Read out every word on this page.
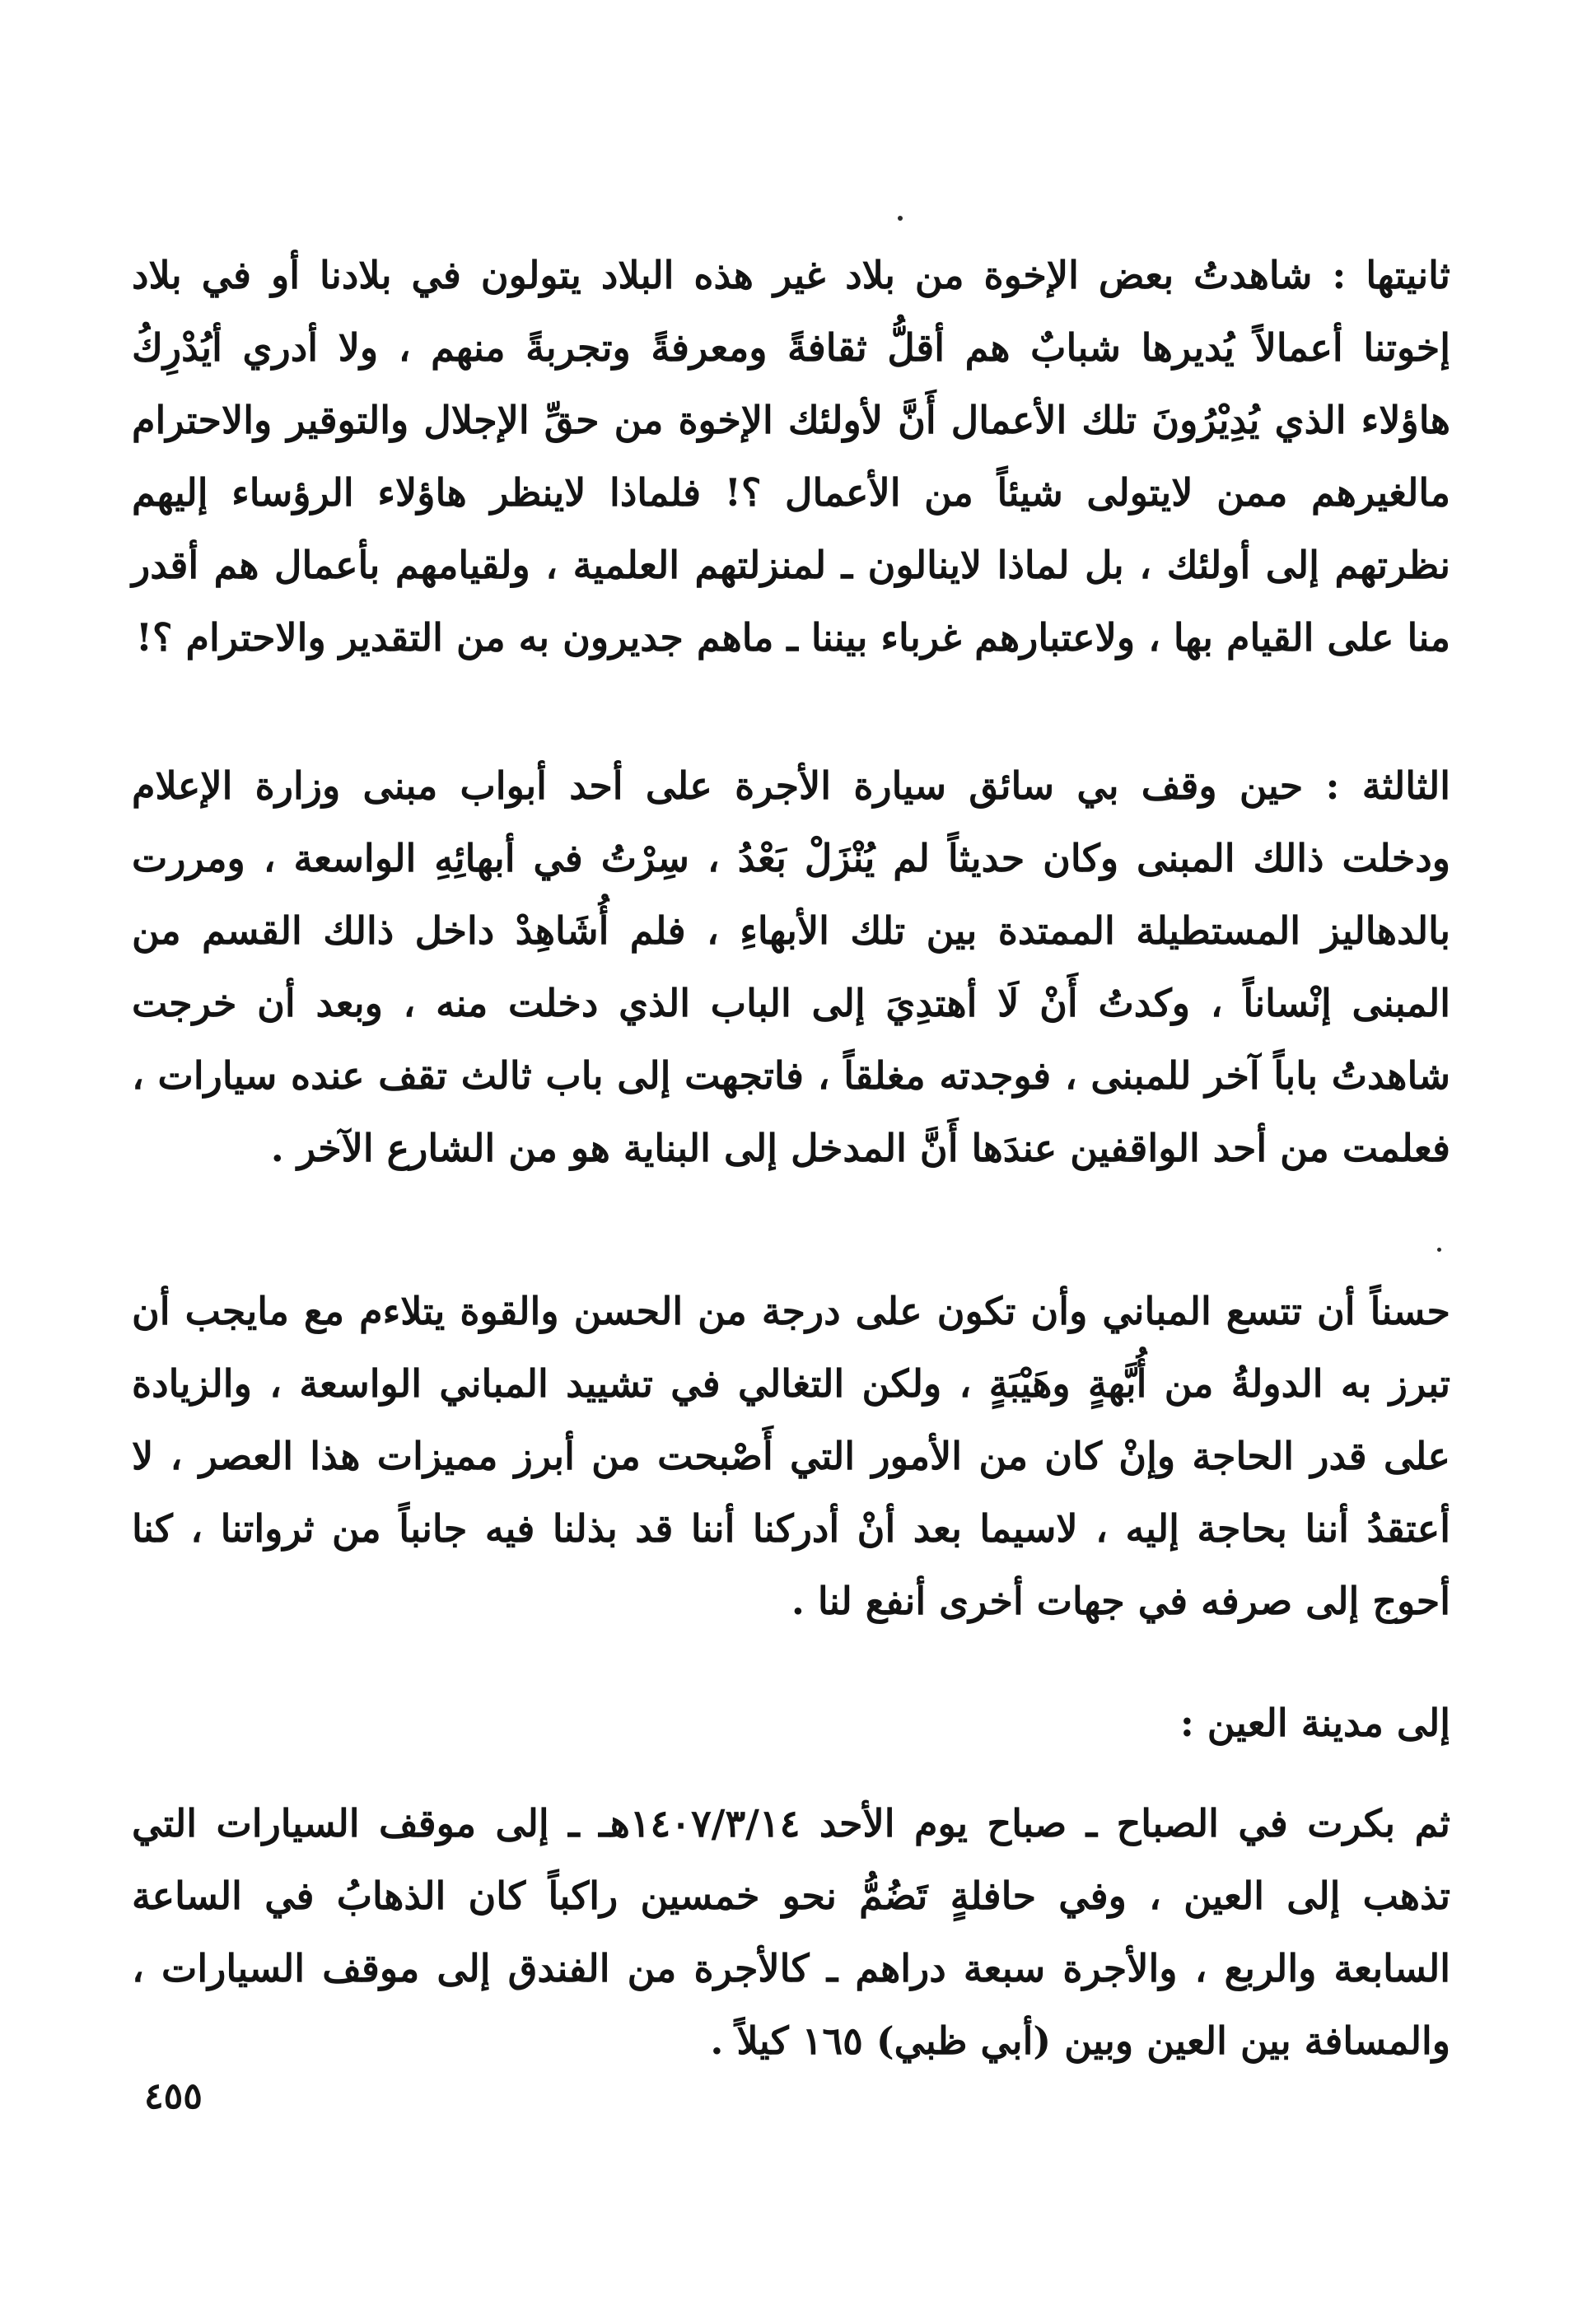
ثانيتها : شاهدتُ بعض الإخوة من بلاد غير هذه البلاد يتولون في بلادنا أو في بلاد إخوتنا أعمالاً يُديرها شبابٌ هم أقلُّ ثقافةً ومعرفةً وتجربةً منهم ، ولا أدري أيُدْرِكُ هاؤلاء الذي يُدِيْرُونَ تلك الأعمال أَنَّ لأولئك الإخوة من حقِّ الإجلال والتوقير والاحترام مالغيرهم ممن لايتولى شيئاً من الأعمال ؟! فلماذا لاينظر هاؤلاء الرؤساء إليهم نظرتهم إلى أولئك ، بل لماذا لاينالون ـ لمنزلتهم العلمية ، ولقيامهم بأعمال هم أقدر منا على القيام بها ، ولاعتبارهم غرباء بيننا ـ ماهم جديرون به من التقدير والاحترام ؟!

الثالثة : حين وقف بي سائق سيارة الأجرة على أحد أبواب مبنى وزارة الإعلام ودخلت ذالك المبنى وكان حديثاً لم يُنْزَلْ بَعْدُ ، سِرْتُ في أبهائِهِ الواسعة ، ومررت بالدهاليز المستطيلة الممتدة بين تلك الأبهاءِ ، فلم أُشَاهِدْ داخل ذالك القسم من المبنى إنْساناً ، وكدتُ أَنْ لَا أهتدِيَ إلى الباب الذي دخلت منه ، وبعد أن خرجت شاهدتُ باباً آخر للمبنى ، فوجدته مغلقاً ، فاتجهت إلى باب ثالث تقف عنده سيارات ، فعلمت من أحد الواقفين عندَها أَنَّ المدخل إلى البناية هو من الشارع الآخر .

حسناً أن تتسع المباني وأن تكون على درجة من الحسن والقوة يتلاءم مع مايجب أن تبرز به الدولةُ من أُبَّهةٍ وهَيْبَةٍ ، ولكن التغالي في تشييد المباني الواسعة ، والزيادة على قدر الحاجة وإنْ كان من الأمور التي أَصْبحت من أبرز مميزات هذا العصر ، لا أعتقدُ أننا بحاجة إليه ، لاسيما بعد أنْ أدركنا أننا قد بذلنا فيه جانباً من ثرواتنا ، كنا أحوج إلى صرفه في جهات أخرى أنفع لنا .

إلى مدينة العين :

ثم بكرت في الصباح ـ صباح يوم الأحد ١٤٠٧/٣/١٤هـ ـ إلى موقف السيارات التي تذهب إلى العين ، وفي حافلةٍ تَضُمُّ نحو خمسين راكباً كان الذهابُ في الساعة السابعة والربع ، والأجرة سبعة دراهم ـ كالأجرة من الفندق إلى موقف السيارات ، والمسافة بين العين وبين (أبي ظبي) ١٦٥ كيلاً .

٤٥٥
